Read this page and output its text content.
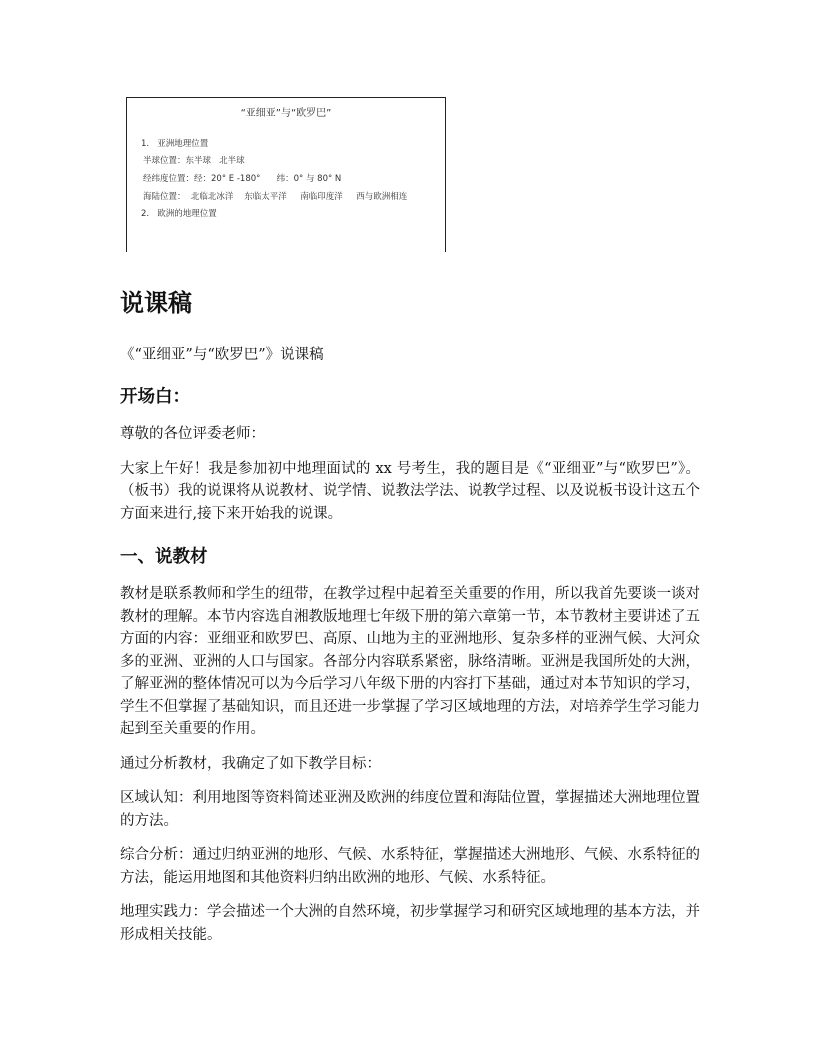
“亚细亚”与“欧罗巴”
1.   亚洲地理位置
半球位置：东半球   北半球
经纬度位置：经：20° E -180°      纬：0° 与 80° N
海陆位置：  北临北冰洋    东临太平洋     南临印度洋     西与欧洲相连
2.   欧洲的地理位置
说课稿

《“亚细亚”与“欧罗巴”》说课稿

开场白：

尊敬的各位评委老师：

大家上午好！我是参加初中地理面试的 xx 号考生，我的题目是《“亚细亚”与“欧罗巴”》。（板书）我的说课将从说教材、说学情、说教法学法、说教学过程、以及说板书设计这五个方面来进行,接下来开始我的说课。

一、说教材

教材是联系教师和学生的纽带，在教学过程中起着至关重要的作用，所以我首先要谈一谈对教材的理解。本节内容选自湘教版地理七年级下册的第六章第一节，本节教材主要讲述了五方面的内容：亚细亚和欧罗巴、高原、山地为主的亚洲地形、复杂多样的亚洲气候、大河众多的亚洲、亚洲的人口与国家。各部分内容联系紧密，脉络清晰。亚洲是我国所处的大洲，了解亚洲的整体情况可以为今后学习八年级下册的内容打下基础，通过对本节知识的学习，学生不但掌握了基础知识，而且还进一步掌握了学习区域地理的方法，对培养学生学习能力起到至关重要的作用。

通过分析教材，我确定了如下教学目标：

区域认知：利用地图等资料简述亚洲及欧洲的纬度位置和海陆位置，掌握描述大洲地理位置的方法。

综合分析：通过归纳亚洲的地形、气候、水系特征，掌握描述大洲地形、气候、水系特征的方法，能运用地图和其他资料归纳出欧洲的地形、气候、水系特征。

地理实践力：学会描述一个大洲的自然环境，初步掌握学习和研究区域地理的基本方法，并形成相关技能。
